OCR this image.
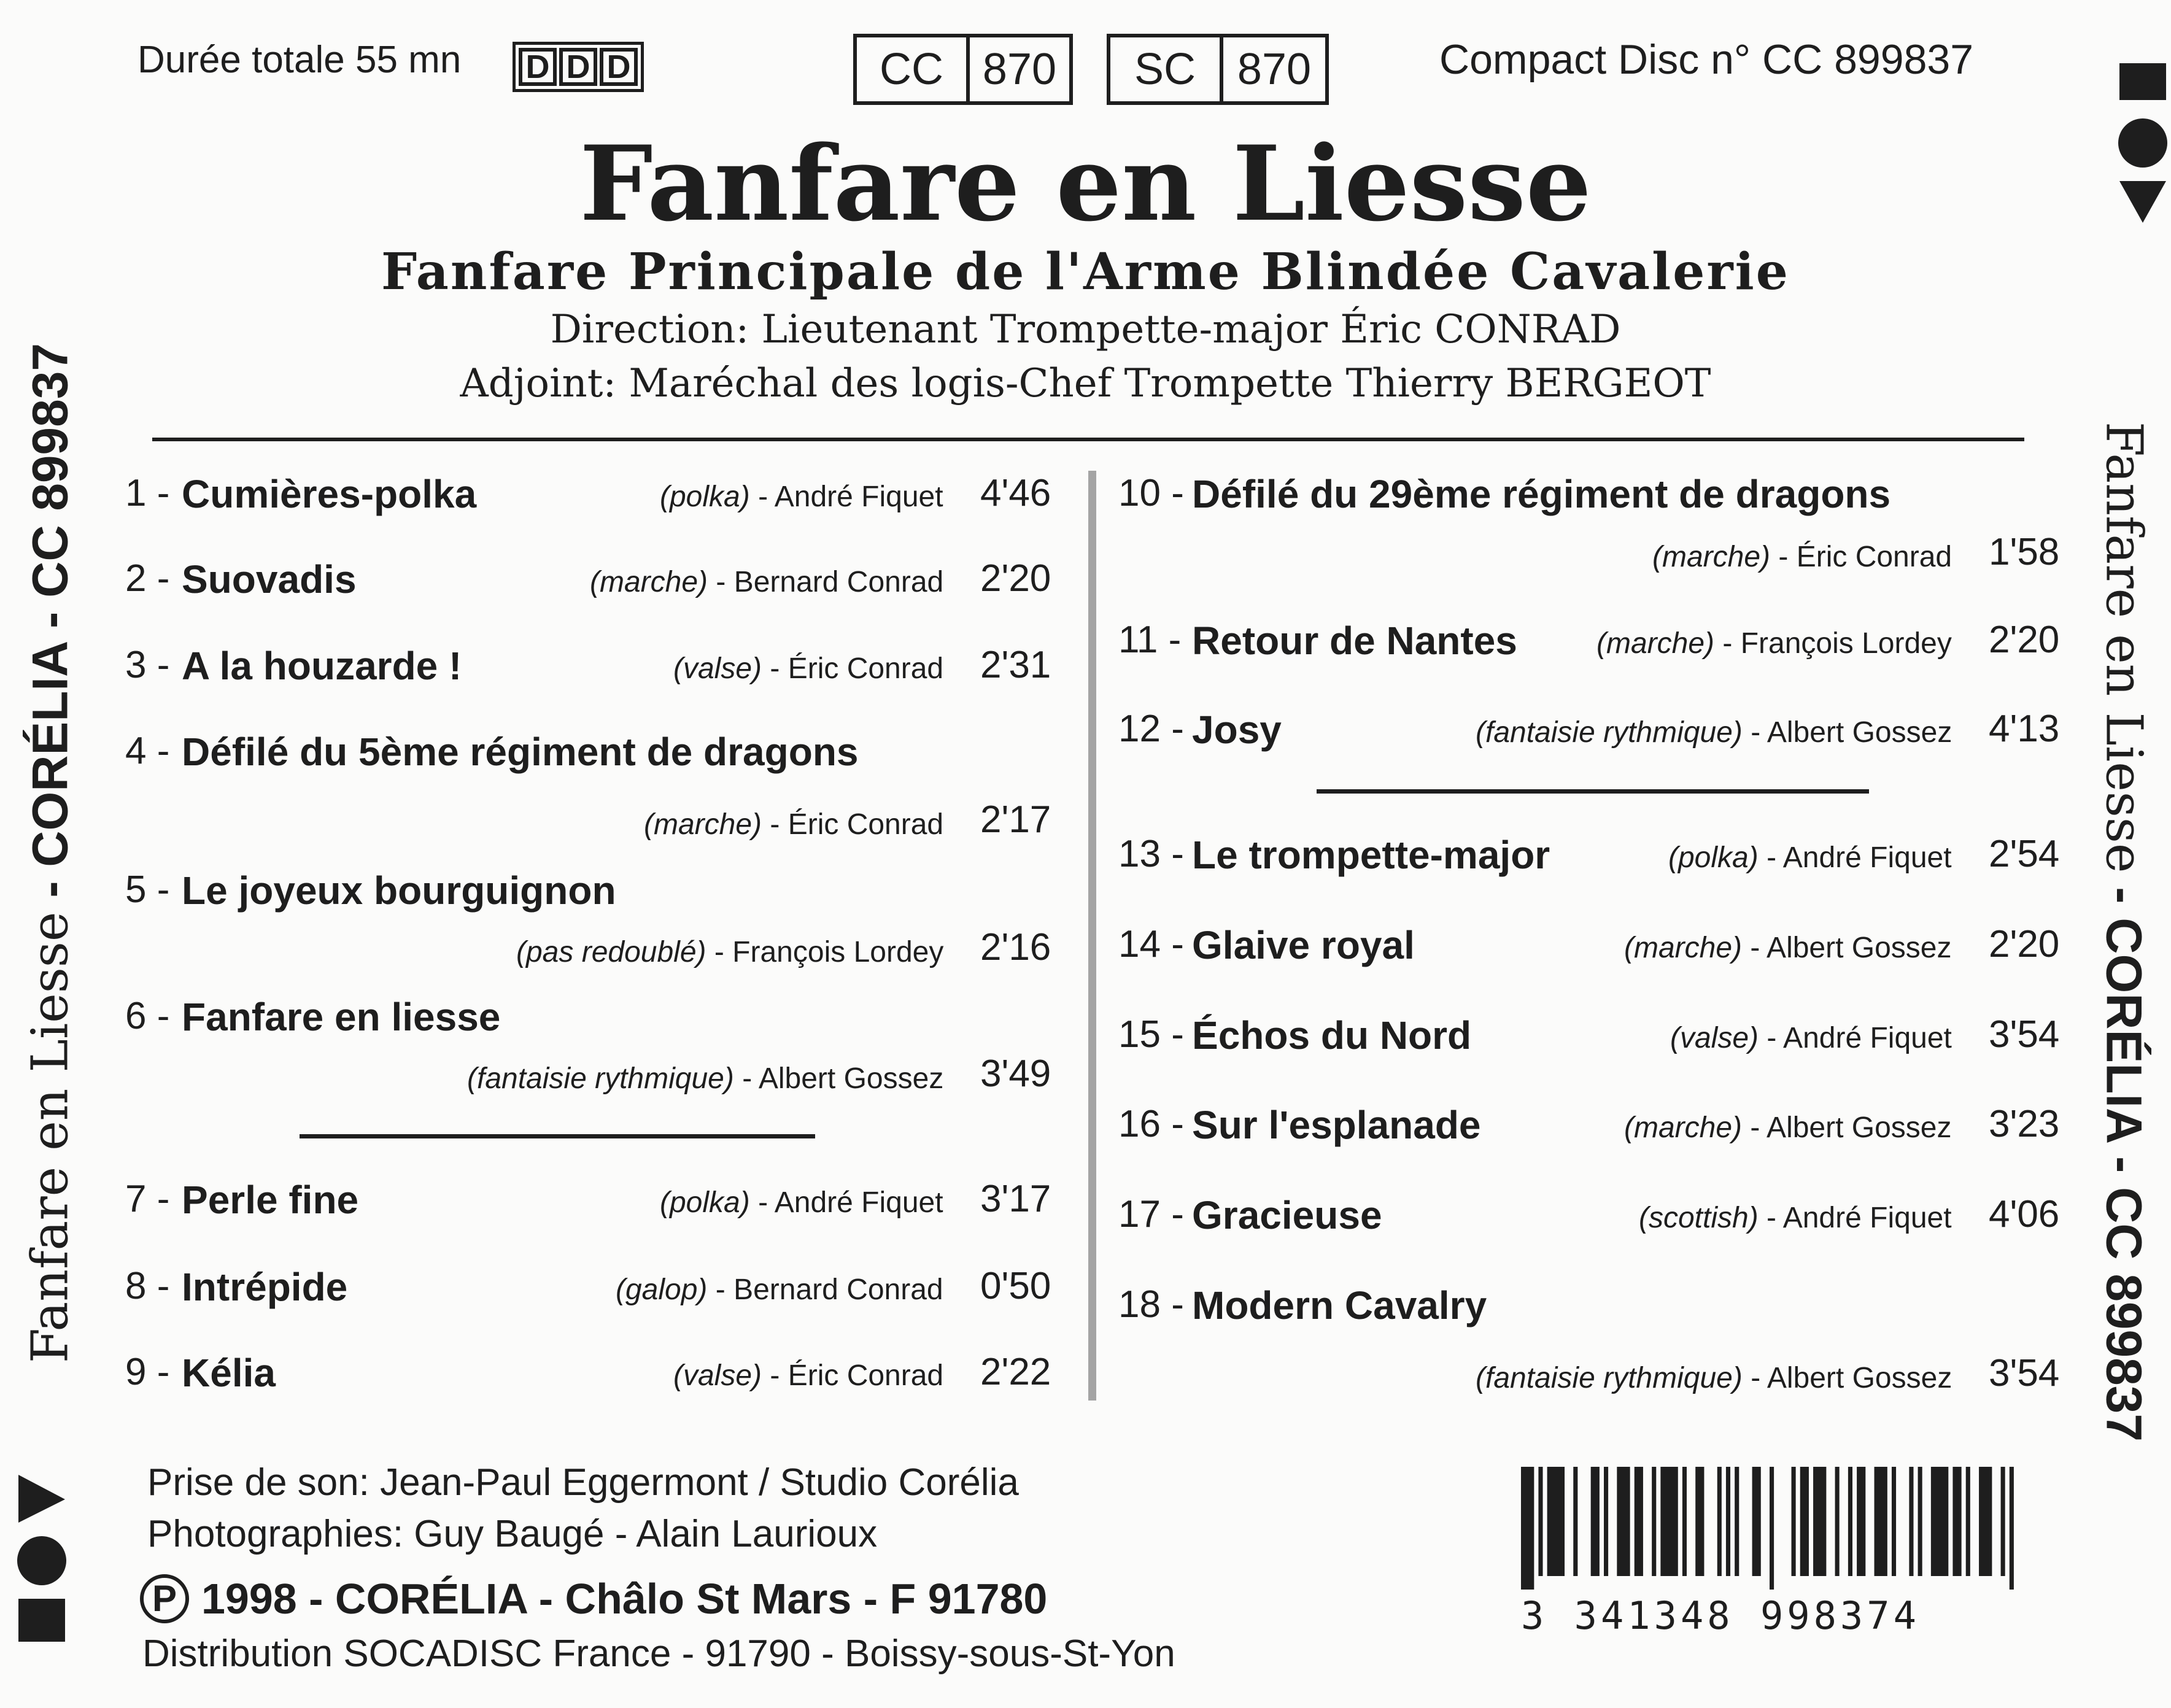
Durée totale 55 mn D D D	CC 870	SC 870	Compact Disc n° CC 899837
Fanfare en Liesse
Fanfare Principale de l'Arme Blindée Cavalerie
Direction: Lieutenant Trompette-major Éric CONRAD
Adjoint: Maréchal des logis-Chef Trompette Thierry BERGEOT
1 - Cumières-polka	(polka) - André Fiquet 4'46
2 - Suovadis	(marche) - Bernard Conrad 2'20
3 - A la houzarde !	(valse) - Éric Conrad 2'31
4 - Défilé du 5ème régiment de dragons
(marche) - Éric Conrad 2'17
5 - Le joyeux bourguignon
(pas redoublé) - François Lordey 2'16
6 - Fanfare en liesse
(fantaisie rythmique) - Albert Gossez 3'49
7 - Perle fine	(polka) - André Fiquet 3'17
8 - Intrépide	(galop) - Bernard Conrad 0'50
9 - Kélia	(valse) - Éric Conrad 2'22
10 - Défilé du 29ème régiment de dragons
(marche) - Éric Conrad 1'58
11 - Retour de Nantes	(marche) - François Lordey 2'20
12 - Josy	(fantaisie rythmique) - Albert Gossez 4'13
13 - Le trompette-major	(polka) - André Fiquet 2'54
14 - Glaive royal	(marche) - Albert Gossez 2'20
15 - Échos du Nord	(valse) - André Fiquet 3'54
16 - Sur l'esplanade	(marche) - Albert Gossez 3'23
17 - Gracieuse	(scottish) - André Fiquet 4'06
18 - Modern Cavalry
(fantaisie rythmique) - Albert Gossez 3'54
Prise de son: Jean-Paul Eggermont / Studio Corélia
Photographies: Guy Baugé - Alain Laurioux
P 1998 - CORÉLIA - Châlo St Mars - F 91780
Distribution SOCADISC France - 91790 - Boissy-sous-St-Yon
Fanfare en Liesse - CORÉLIA - CC 899837	Fanfare en Liesse - CORÉLIA - CC 899837
3 341348 998374
